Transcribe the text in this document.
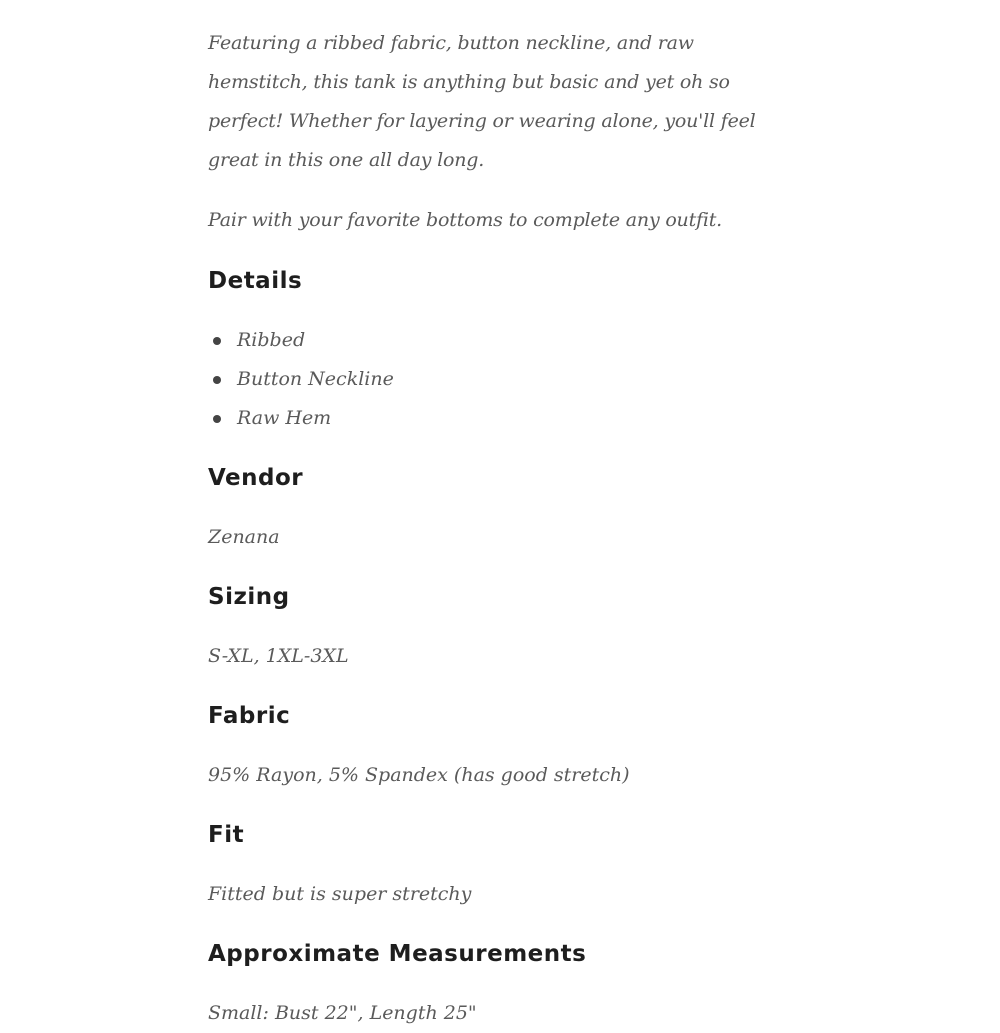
Featuring a ribbed fabric, button neckline, and raw hemstitch, this tank is anything but basic and yet oh so perfect! Whether for layering or wearing alone, you'll feel great in this one all day long.

Pair with your favorite bottoms to complete any outfit.

Details
Ribbed
Button Neckline
Raw Hem
Vendor

Zenana

Sizing

S-XL, 1XL-3XL

Fabric

95% Rayon, 5% Spandex (has good stretch)

Fit

Fitted but is super stretchy

Approximate Measurements

Small: Bust 22", Length 25"
